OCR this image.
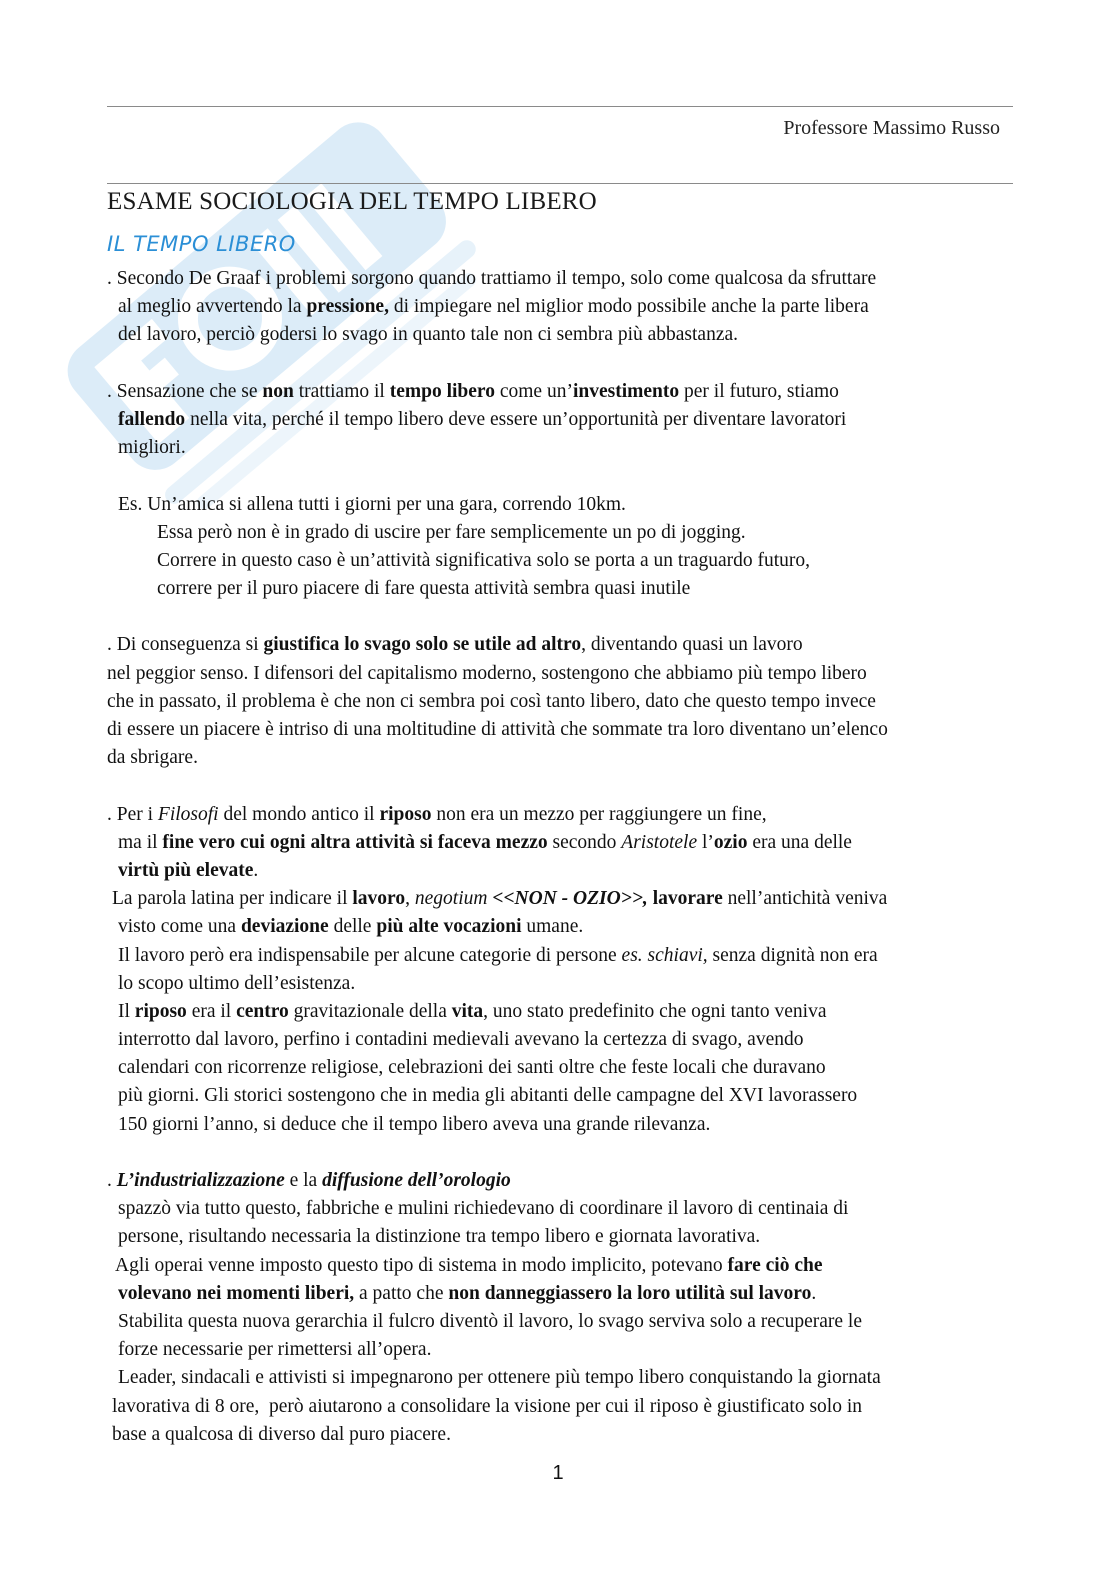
Professore Massimo Russo
ESAME SOCIOLOGIA DEL TEMPO LIBERO
IL TEMPO LIBERO
. Secondo De Graaf i problemi sorgono quando trattiamo il tempo, solo come qualcosa da sfruttare
al meglio avvertendo la pressione, di impiegare nel miglior modo possibile anche la parte libera
del lavoro, perciò godersi lo svago in quanto tale non ci sembra più abbastanza.
. Sensazione che se non trattiamo il tempo libero come un’investimento per il futuro, stiamo
fallendo nella vita, perché il tempo libero deve essere un’opportunità per diventare lavoratori
migliori.
Es. Un’amica si allena tutti i giorni per una gara, correndo 10km.
Essa però non è in grado di uscire per fare semplicemente un po di jogging.
Correre in questo caso è un’attività significativa solo se porta a un traguardo futuro,
correre per il puro piacere di fare questa attività sembra quasi inutile
. Di conseguenza si giustifica lo svago solo se utile ad altro, diventando quasi un lavoro
nel peggior senso. I difensori del capitalismo moderno, sostengono che abbiamo più tempo libero
che in passato, il problema è che non ci sembra poi così tanto libero, dato che questo tempo invece
di essere un piacere è intriso di una moltitudine di attività che sommate tra loro diventano un’elenco
da sbrigare.
. Per i Filosofi del mondo antico il riposo non era un mezzo per raggiungere un fine,
ma il fine vero cui ogni altra attività si faceva mezzo secondo Aristotele l’ozio era una delle
virtù più elevate.
La parola latina per indicare il lavoro, negotium <<NON - OZIO>>, lavorare nell’antichità veniva
visto come una deviazione delle più alte vocazioni umane.
Il lavoro però era indispensabile per alcune categorie di persone es. schiavi, senza dignità non era
lo scopo ultimo dell’esistenza.
Il riposo era il centro gravitazionale della vita, uno stato predefinito che ogni tanto veniva
interrotto dal lavoro, perfino i contadini medievali avevano la certezza di svago, avendo
calendari con ricorrenze religiose, celebrazioni dei santi oltre che feste locali che duravano
più giorni. Gli storici sostengono che in media gli abitanti delle campagne del XVI lavorassero
150 giorni l’anno, si deduce che il tempo libero aveva una grande rilevanza.
. L’industrializzazione e la diffusione dell’orologio
spazzò via tutto questo, fabbriche e mulini richiedevano di coordinare il lavoro di centinaia di
persone, risultando necessaria la distinzione tra tempo libero e giornata lavorativa.
Agli operai venne imposto questo tipo di sistema in modo implicito, potevano fare ciò che
volevano nei momenti liberi, a patto che non danneggiassero la loro utilità sul lavoro.
Stabilita questa nuova gerarchia il fulcro diventò il lavoro, lo svago serviva solo a recuperare le
forze necessarie per rimettersi all’opera.
Leader, sindacali e attivisti si impegnarono per ottenere più tempo libero conquistando la giornata
lavorativa di 8 ore,  però aiutarono a consolidare la visione per cui il riposo è giustificato solo in
base a qualcosa di diverso dal puro piacere.
1
